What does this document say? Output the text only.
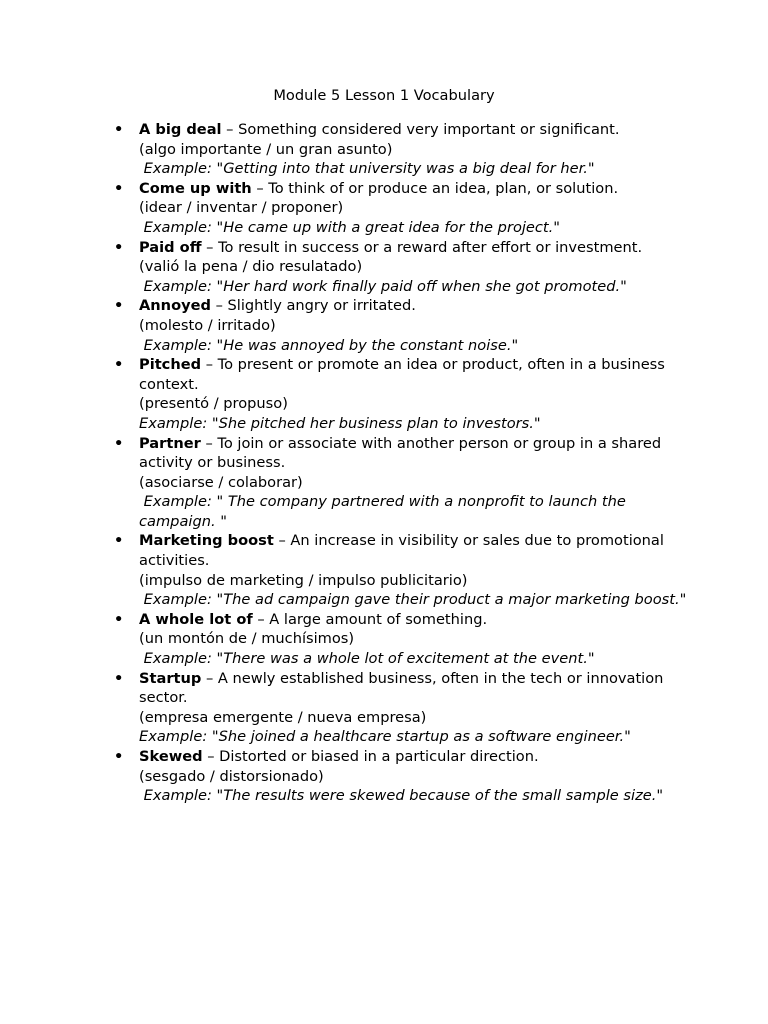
Module 5 Lesson 1 Vocabulary
• A big deal – Something considered very important or significant.
(algo importante / un gran asunto)
Example: "Getting into that university was a big deal for her."
• Come up with – To think of or produce an idea, plan, or solution.
(idear / inventar / proponer)
Example: "He came up with a great idea for the project."
• Paid off – To result in success or a reward after effort or investment.
(valió la pena / dio resulatado)
Example: "Her hard work finally paid off when she got promoted."
• Annoyed – Slightly angry or irritated.
(molesto / irritado)
Example: "He was annoyed by the constant noise."
• Pitched – To present or promote an idea or product, often in a business context.
(presentó / propuso)
Example: "She pitched her business plan to investors."
• Partner – To join or associate with another person or group in a shared activity or business.
(asociarse / colaborar)
Example: " The company partnered with a nonprofit to launch the campaign. "
• Marketing boost – An increase in visibility or sales due to promotional activities.
(impulso de marketing / impulso publicitario)
Example: "The ad campaign gave their product a major marketing boost."
• A whole lot of – A large amount of something.
(un montón de / muchísimos)
Example: "There was a whole lot of excitement at the event."
• Startup – A newly established business, often in the tech or innovation sector.
(empresa emergente / nueva empresa)
Example: "She joined a healthcare startup as a software engineer."
• Skewed – Distorted or biased in a particular direction.
(sesgado / distorsionado)
Example: "The results were skewed because of the small sample size."
